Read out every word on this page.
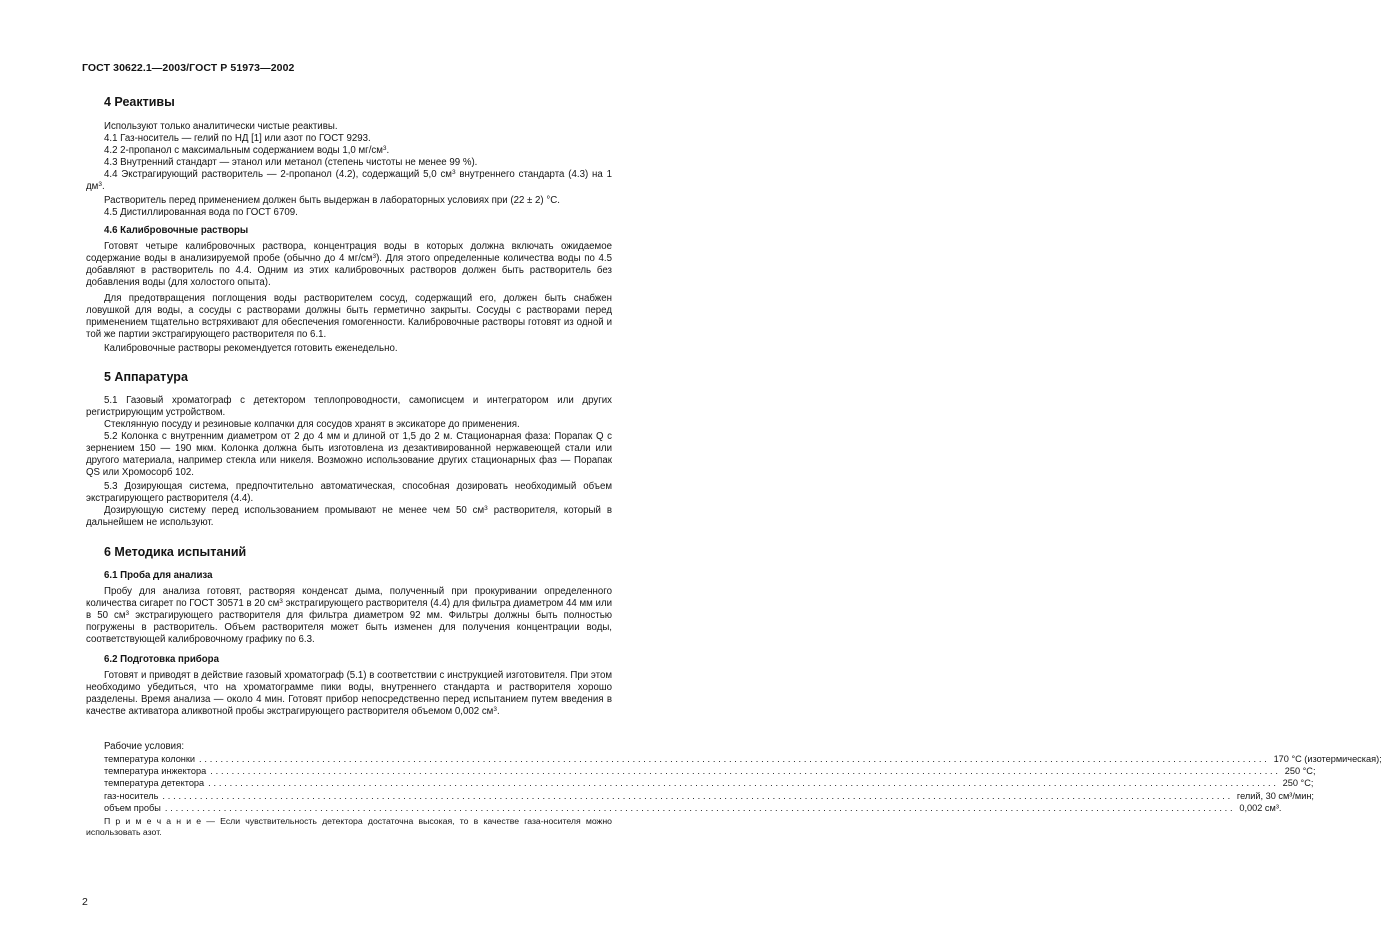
ГОСТ 30622.1—2003/ГОСТ Р 51973—2002
4 Реактивы
Используют только аналитически чистые реактивы.
4.1 Газ-носитель — гелий по НД [1] или азот по ГОСТ 9293.
4.2 2-пропанол с максимальным содержанием воды 1,0 $мг/см^3$.
4.3 Внутренний стандарт — этанол или метанол (степень чистоты не менее 99 %).
4.4 Экстрагирующий растворитель — 2-пропанол (4.2), содержащий 5,0 $см^3$ внутреннего стандарта (4.3) на 1 $дм^3$.
Растворитель перед применением должен быть выдержан в лабораторных условиях при (22 ± 2) °С.
4.5 Дистиллированная вода по ГОСТ 6709.
4.6 Калибровочные растворы
Готовят четыре калибровочных раствора, концентрация воды в которых должна включать ожидаемое содержание воды в анализируемой пробе (обычно до 4 $мг/см^3$). Для этого определенные количества воды по 4.5 добавляют в растворитель по 4.4. Одним из этих калибровочных растворов должен быть растворитель без добавления воды (для холостого опыта).
Для предотвращения поглощения воды растворителем сосуд, содержащий его, должен быть снабжен ловушкой для воды, а сосуды с растворами должны быть герметично закрыты. Сосуды с растворами перед применением тщательно встряхивают для обеспечения гомогенности. Калибровочные растворы готовят из одной и той же партии экстрагирующего растворителя по 6.1.
Калибровочные растворы рекомендуется готовить еженедельно.
5 Аппаратура
5.1 Газовый хроматограф с детектором теплопроводности, самописцем и интегратором или других регистрирующим устройством.
Стеклянную посуду и резиновые колпачки для сосудов хранят в эксикаторе до применения.
5.2 Колонка с внутренним диаметром от 2 до 4 мм и длиной от 1,5 до 2 м. Стационарная фаза: Порапак Q с зернением 150 — 190 мкм. Колонка должна быть изготовлена из дезактивированной нержавеющей стали или другого материала, например стекла или никеля. Возможно использование других стационарных фаз — Порапак QS или Хромосорб 102.
5.3 Дозирующая система, предпочтительно автоматическая, способная дозировать необходимый объем экстрагирующего растворителя (4.4).
Дозирующую систему перед использованием промывают не менее чем 50 $см^3$ растворителя, который в дальнейшем не используют.
6 Методика испытаний
6.1 Проба для анализа
Пробу для анализа готовят, растворяя конденсат дыма, полученный при прокуривании определенного количества сигарет по ГОСТ 30571 в 20 $см^3$ экстрагирующего растворителя (4.4) для фильтра диаметром 44 мм или в 50 $см^3$ экстрагирующего растворителя для фильтра диаметром 92 мм. Фильтры должны быть полностью погружены в растворитель. Объем растворителя может быть изменен для получения концентрации воды, соответствующей калибровочному графику по 6.3.
6.2 Подготовка прибора
Готовят и приводят в действие газовый хроматограф (5.1) в соответствии с инструкцией изготовителя. При этом необходимо убедиться, что на хроматограмме пики воды, внутреннего стандарта и растворителя хорошо разделены. Время анализа — около 4 мин. Готовят прибор непосредственно перед испытанием путем введения в качестве активатора аликвотной пробы экстрагирующего растворителя объемом 0,002 $см^3$.
Рабочие условия:
температура колонки ........................................................................................................................................................................................................ 170 °С (изотермическая);
температура инжектора ........................................................................................................................................................................................................ 250 °С;
температура детектора ........................................................................................................................................................................................................ 250 °С;
газ-носитель ........................................................................................................................................................................................................ гелий, 30 см³/мин;
объем пробы ........................................................................................................................................................................................................ 0,002 см³.
П р и м е ч а н и е — Если чувствительность детектора достаточна высокая, то в качестве газа-носителя можно использовать азот.
2
